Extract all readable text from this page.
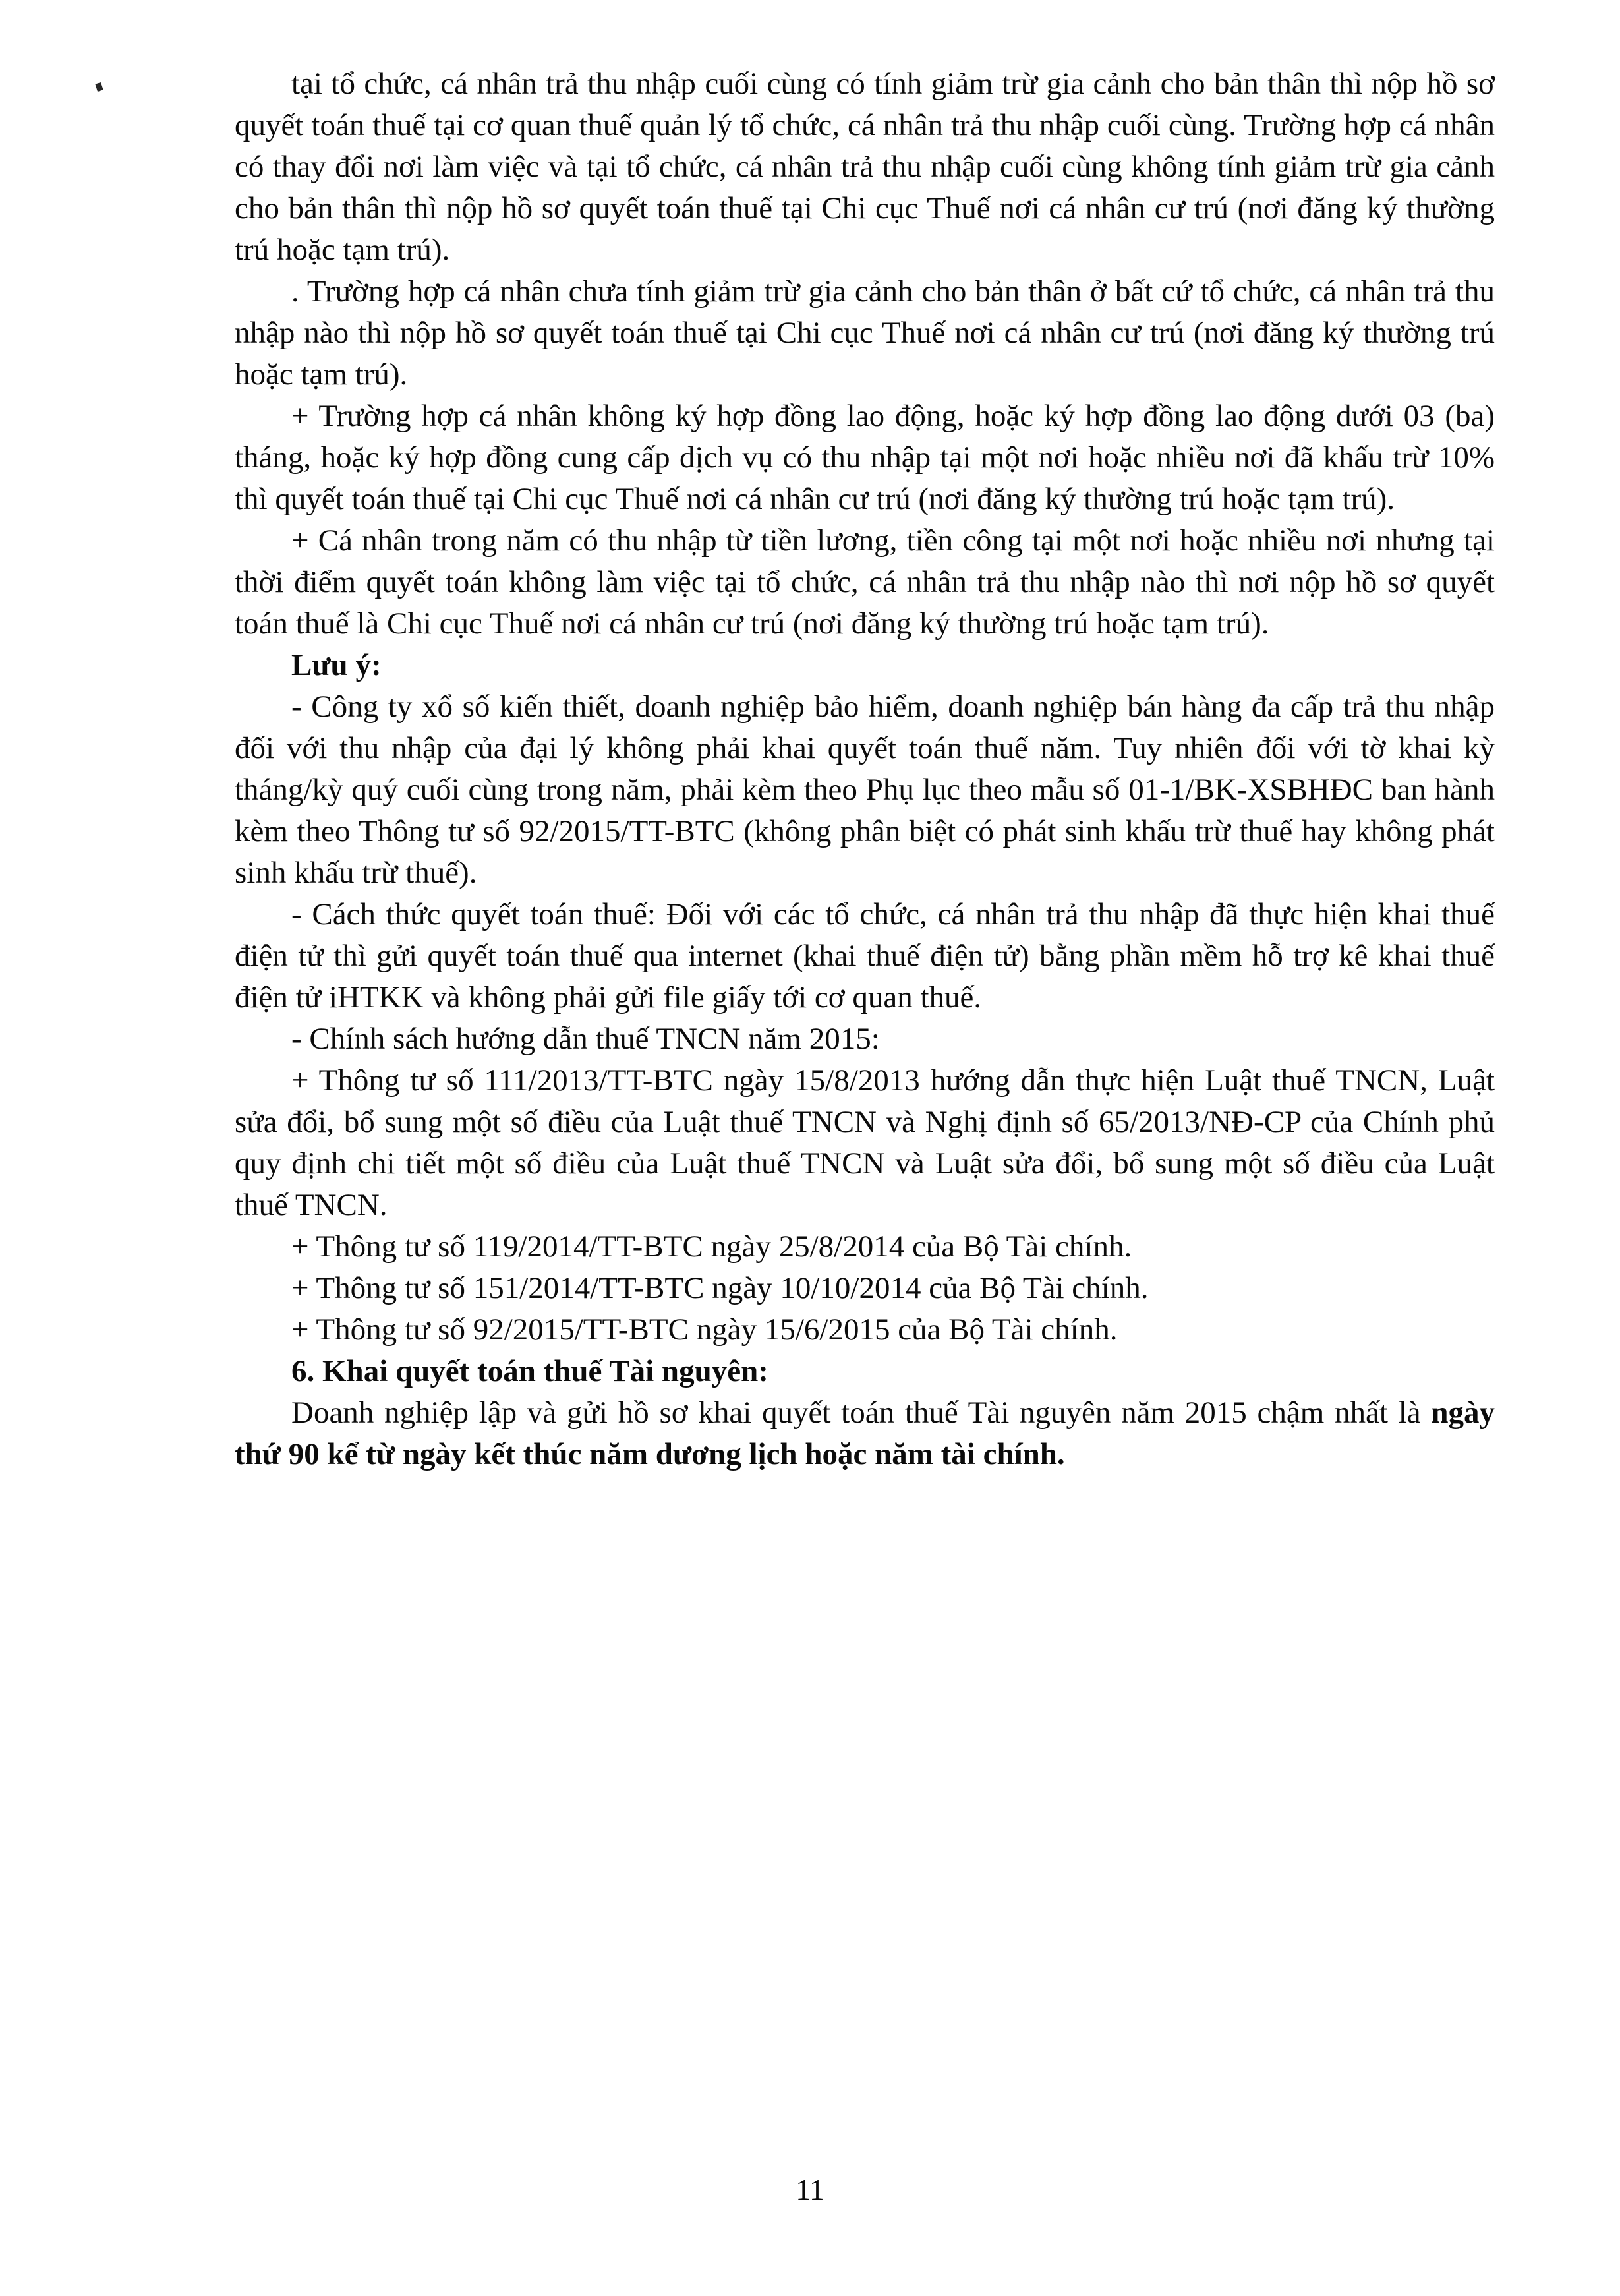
tại tổ chức, cá nhân trả thu nhập cuối cùng có tính giảm trừ gia cảnh cho bản thân thì nộp hồ sơ quyết toán thuế tại cơ quan thuế quản lý tổ chức, cá nhân trả thu nhập cuối cùng. Trường hợp cá nhân có thay đổi nơi làm việc và tại tổ chức, cá nhân trả thu nhập cuối cùng không tính giảm trừ gia cảnh cho bản thân thì nộp hồ sơ quyết toán thuế tại Chi cục Thuế nơi cá nhân cư trú (nơi đăng ký thường trú hoặc tạm trú).

. Trường hợp cá nhân chưa tính giảm trừ gia cảnh cho bản thân ở bất cứ tổ chức, cá nhân trả thu nhập nào thì nộp hồ sơ quyết toán thuế tại Chi cục Thuế nơi cá nhân cư trú (nơi đăng ký thường trú hoặc tạm trú).

+ Trường hợp cá nhân không ký hợp đồng lao động, hoặc ký hợp đồng lao động dưới 03 (ba) tháng, hoặc ký hợp đồng cung cấp dịch vụ có thu nhập tại một nơi hoặc nhiều nơi đã khấu trừ 10% thì quyết toán thuế tại Chi cục Thuế nơi cá nhân cư trú (nơi đăng ký thường trú hoặc tạm trú).

+ Cá nhân trong năm có thu nhập từ tiền lương, tiền công tại một nơi hoặc nhiều nơi nhưng tại thời điểm quyết toán không làm việc tại tổ chức, cá nhân trả thu nhập nào thì nơi nộp hồ sơ quyết toán thuế là Chi cục Thuế nơi cá nhân cư trú (nơi đăng ký thường trú hoặc tạm trú).

Lưu ý:

- Công ty xổ số kiến thiết, doanh nghiệp bảo hiểm, doanh nghiệp bán hàng đa cấp trả thu nhập đối với thu nhập của đại lý không phải khai quyết toán thuế năm. Tuy nhiên đối với tờ khai kỳ tháng/kỳ quý cuối cùng trong năm, phải kèm theo Phụ lục theo mẫu số 01-1/BK-XSBHĐC ban hành kèm theo Thông tư số 92/2015/TT-BTC (không phân biệt có phát sinh khấu trừ thuế hay không phát sinh khấu trừ thuế).

- Cách thức quyết toán thuế: Đối với các tổ chức, cá nhân trả thu nhập đã thực hiện khai thuế điện tử thì gửi quyết toán thuế qua internet (khai thuế điện tử) bằng phần mềm hỗ trợ kê khai thuế điện tử iHTKK và không phải gửi file giấy tới cơ quan thuế.

- Chính sách hướng dẫn thuế TNCN năm 2015:

+ Thông tư số 111/2013/TT-BTC ngày 15/8/2013 hướng dẫn thực hiện Luật thuế TNCN, Luật sửa đổi, bổ sung một số điều của Luật thuế TNCN và Nghị định số 65/2013/NĐ-CP của Chính phủ quy định chi tiết một số điều của Luật thuế TNCN và Luật sửa đổi, bổ sung một số điều của Luật thuế TNCN.

+ Thông tư số 119/2014/TT-BTC ngày 25/8/2014 của Bộ Tài chính.

+ Thông tư số 151/2014/TT-BTC ngày 10/10/2014 của Bộ Tài chính.

+ Thông tư số 92/2015/TT-BTC ngày 15/6/2015 của Bộ Tài chính.

6. Khai quyết toán thuế Tài nguyên:

Doanh nghiệp lập và gửi hồ sơ khai quyết toán thuế Tài nguyên năm 2015 chậm nhất là ngày thứ 90 kể từ ngày kết thúc năm dương lịch hoặc năm tài chính.

11
